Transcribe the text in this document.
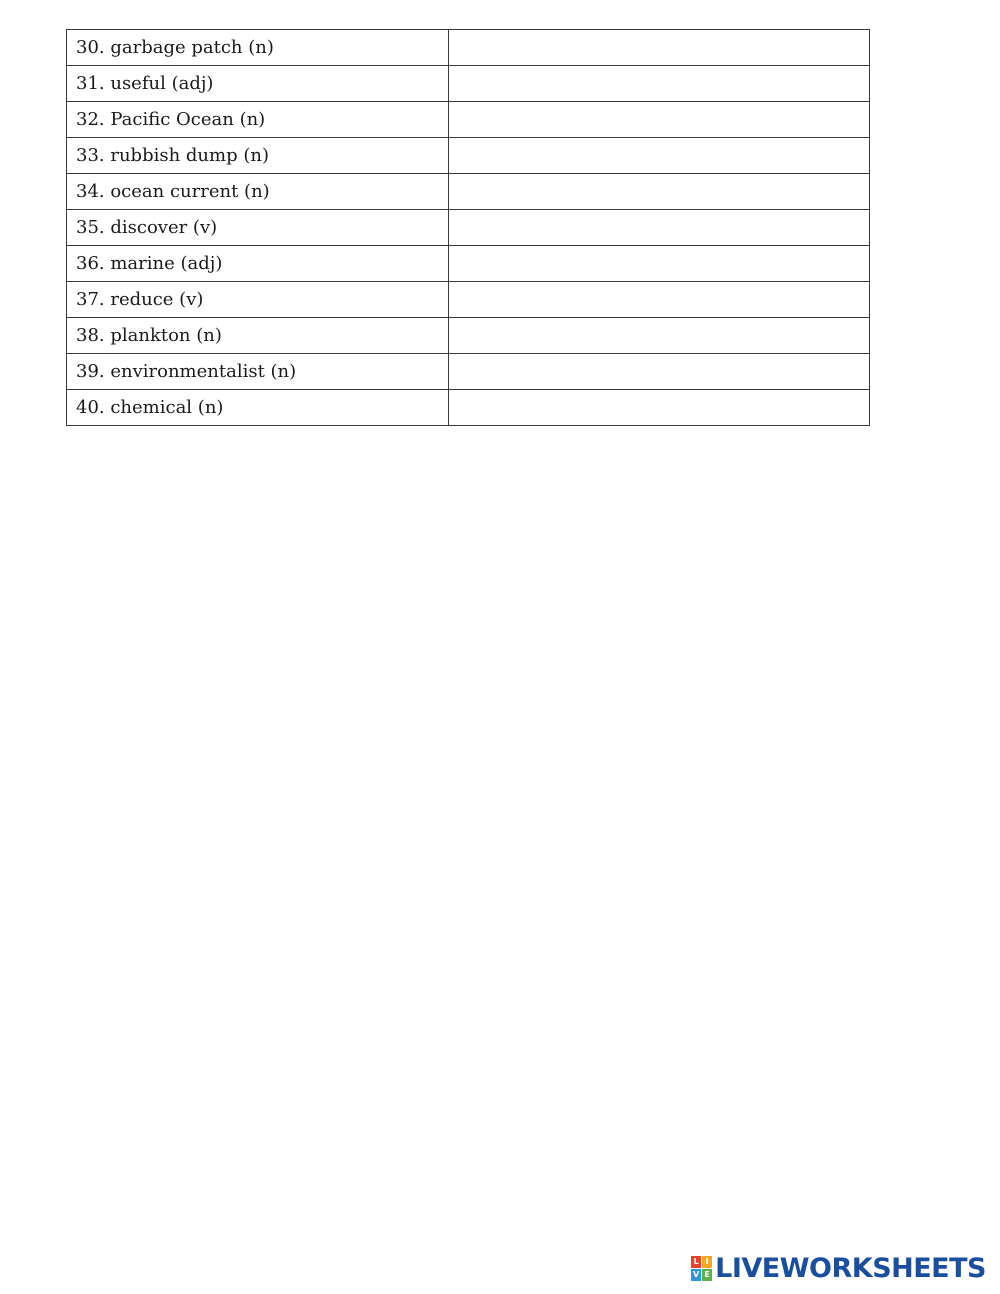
30. garbage patch (n)	
31. useful (adj)	
32. Pacific Ocean (n)	
33. rubbish dump (n)	
34. ocean current (n)	
35. discover (v)	
36. marine (adj)	
37. reduce (v)	
38. plankton (n)	
39. environmentalist (n)	
40. chemical (n)	
L I
V E LIVEWORKSHEETS
